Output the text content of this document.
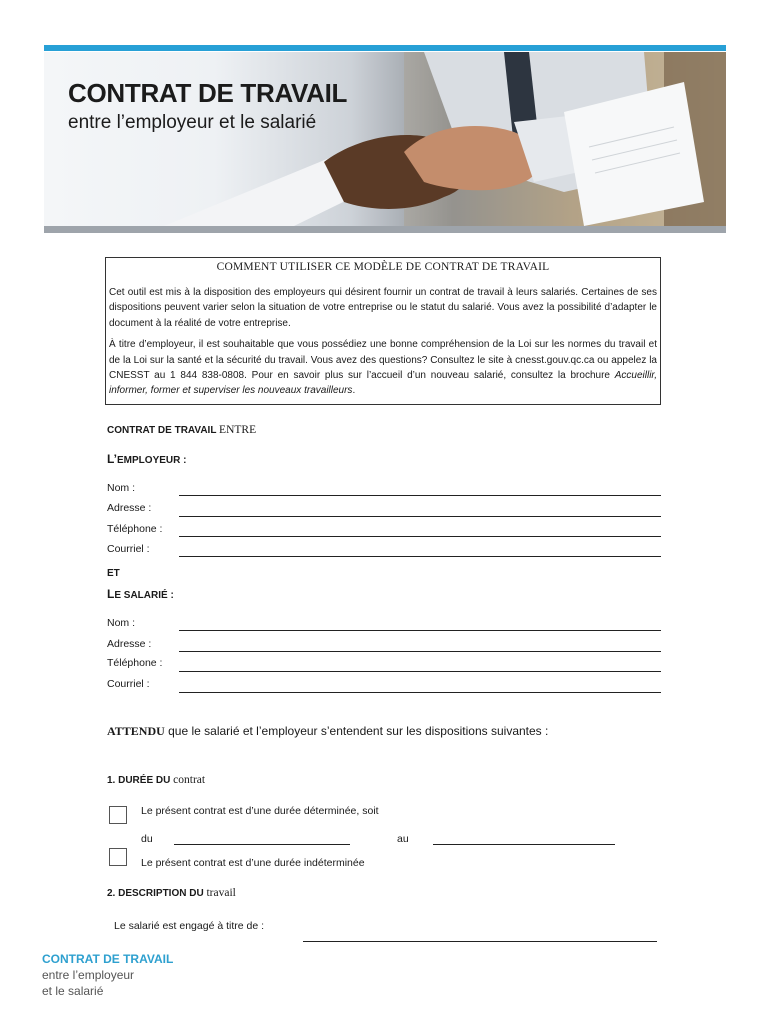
CONTRAT DE TRAVAIL
entre l’employeur et le salarié
COMMENT UTILISER CE MODÈLE DE CONTRAT DE TRAVAIL

Cet outil est mis à la disposition des employeurs qui désirent fournir un contrat de travail à leurs salariés. Certaines de ses dispositions peuvent varier selon la situation de votre entreprise ou le statut du salarié. Vous avez la possibilité d’adapter le document à la réalité de votre entreprise.

À titre d’employeur, il est souhaitable que vous possédiez une bonne compréhension de la Loi sur les normes du travail et de la Loi sur la santé et la sécurité du travail. Vous avez des questions? Consultez le site à cnesst.gouv.qc.ca ou appelez la CNESST au 1 844 838-0808. Pour en savoir plus sur l’accueil d’un nouveau salarié, consultez la brochure Accueillir, informer, former et superviser les nouveaux travailleurs.

CONTRAT DE TRAVAIL ENTRE
L’EMPLOYEUR :
Nom :
Adresse :
Téléphone :
Courriel :
ET
LE SALARIÉ :
Nom :
Adresse :
Téléphone :
Courriel :
ATTENDU que le salarié et l’employeur s’entendent sur les dispositions suivantes :
1. DURÉE DU contrat
Le présent contrat est d’une durée déterminée, soit
du	au
Le présent contrat est d’une durée indéterminée
2. DESCRIPTION DU travail
Le salarié est engagé à titre de :
CONTRAT DE TRAVAIL
entre l’employeur
et le salarié
